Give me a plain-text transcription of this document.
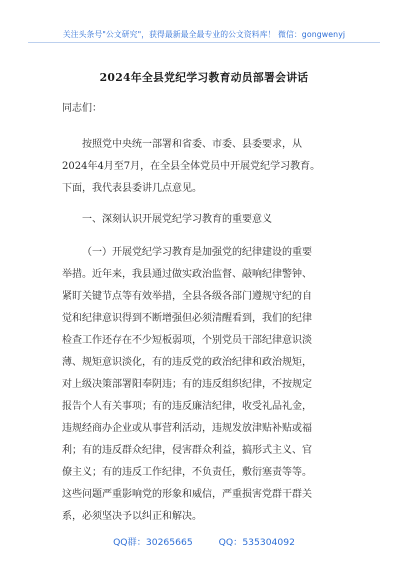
关注头条号"公文研究"，获得最新最全最专业的公文资料库！ 微信：gongwenyj
2024年全县党纪学习教育动员部署会讲话
同志们：
按照党中央统一部署和省委、市委、县委要求，从
2024年4月至7月，在全县全体党员中开展党纪学习教育。
下面，我代表县委讲几点意见。
一、深刻认识开展党纪学习教育的重要意义
（一）开展党纪学习教育是加强党的纪律建设的重要
举措。近年来，我县通过做实政治监督、敲响纪律警钟、
紧盯关键节点等有效举措，全县各级各部门遵规守纪的自
觉和纪律意识得到不断增强但必须清醒看到，我们的纪律
检查工作还存在不少短板弱项，个别党员干部纪律意识淡
薄、规矩意识淡化，有的违反党的政治纪律和政治规矩，
对上级决策部署阳奉阴违；有的违反组织纪律，不按规定
报告个人有关事项；有的违反廉洁纪律，收受礼品礼金，
违规经商办企业或从事营利活动，违规发放津贴补贴或福
利；有的违反群众纪律，侵害群众利益，搞形式主义、官
僚主义；有的违反工作纪律，不负责任，敷衍塞责等等。
这些问题严重影响党的形象和威信，严重损害党群干群关
系，必须坚决予以纠正和解决。
QQ群：30265665	QQ：535304092
